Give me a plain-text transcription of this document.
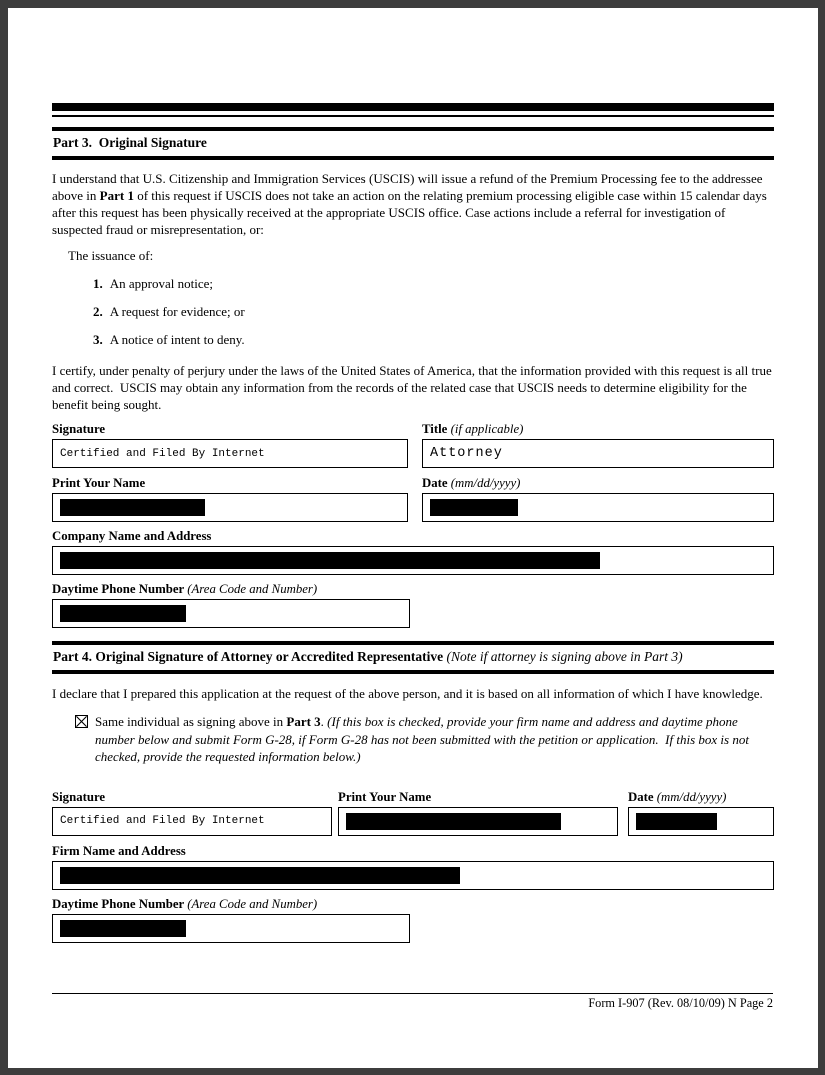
Part 3.  Original Signature

I understand that U.S. Citizenship and Immigration Services (USCIS) will issue a refund of the Premium Processing fee to the addressee above in Part 1 of this request if USCIS does not take an action on the relating premium processing eligible case within 15 calendar days after this request has been physically received at the appropriate USCIS office. Case actions include a referral for investigation of suspected fraud or misrepresentation, or:

The issuance of:

1. An approval notice;
2. A request for evidence; or
3. A notice of intent to deny.

I certify, under penalty of perjury under the laws of the United States of America, that the information provided with this request is all true and correct.  USCIS may obtain any information from the records of the related case that USCIS needs to determine eligibility for the benefit being sought.

Signature
Certified and Filed By Internet
Title (if applicable)
Attorney
Print Your Name	Date (mm/dd/yyyy)
Company Name and Address
Daytime Phone Number (Area Code and Number)
Part 4. Original Signature of Attorney or Accredited Representative (Note if attorney is signing above in Part 3)

I declare that I prepared this application at the request of the above person, and it is based on all information of which I have knowledge.

Same individual as signing above in Part 3. (If this box is checked, provide your firm name and address and daytime phone number below and submit Form G-28, if Form G-28 has not been submitted with the petition or application.  If this box is not checked, provide the requested information below.)
Signature
Certified and Filed By Internet
Print Your Name	Date (mm/dd/yyyy)
Firm Name and Address
Daytime Phone Number (Area Code and Number)
Form I-907 (Rev. 08/10/09) N Page 2
